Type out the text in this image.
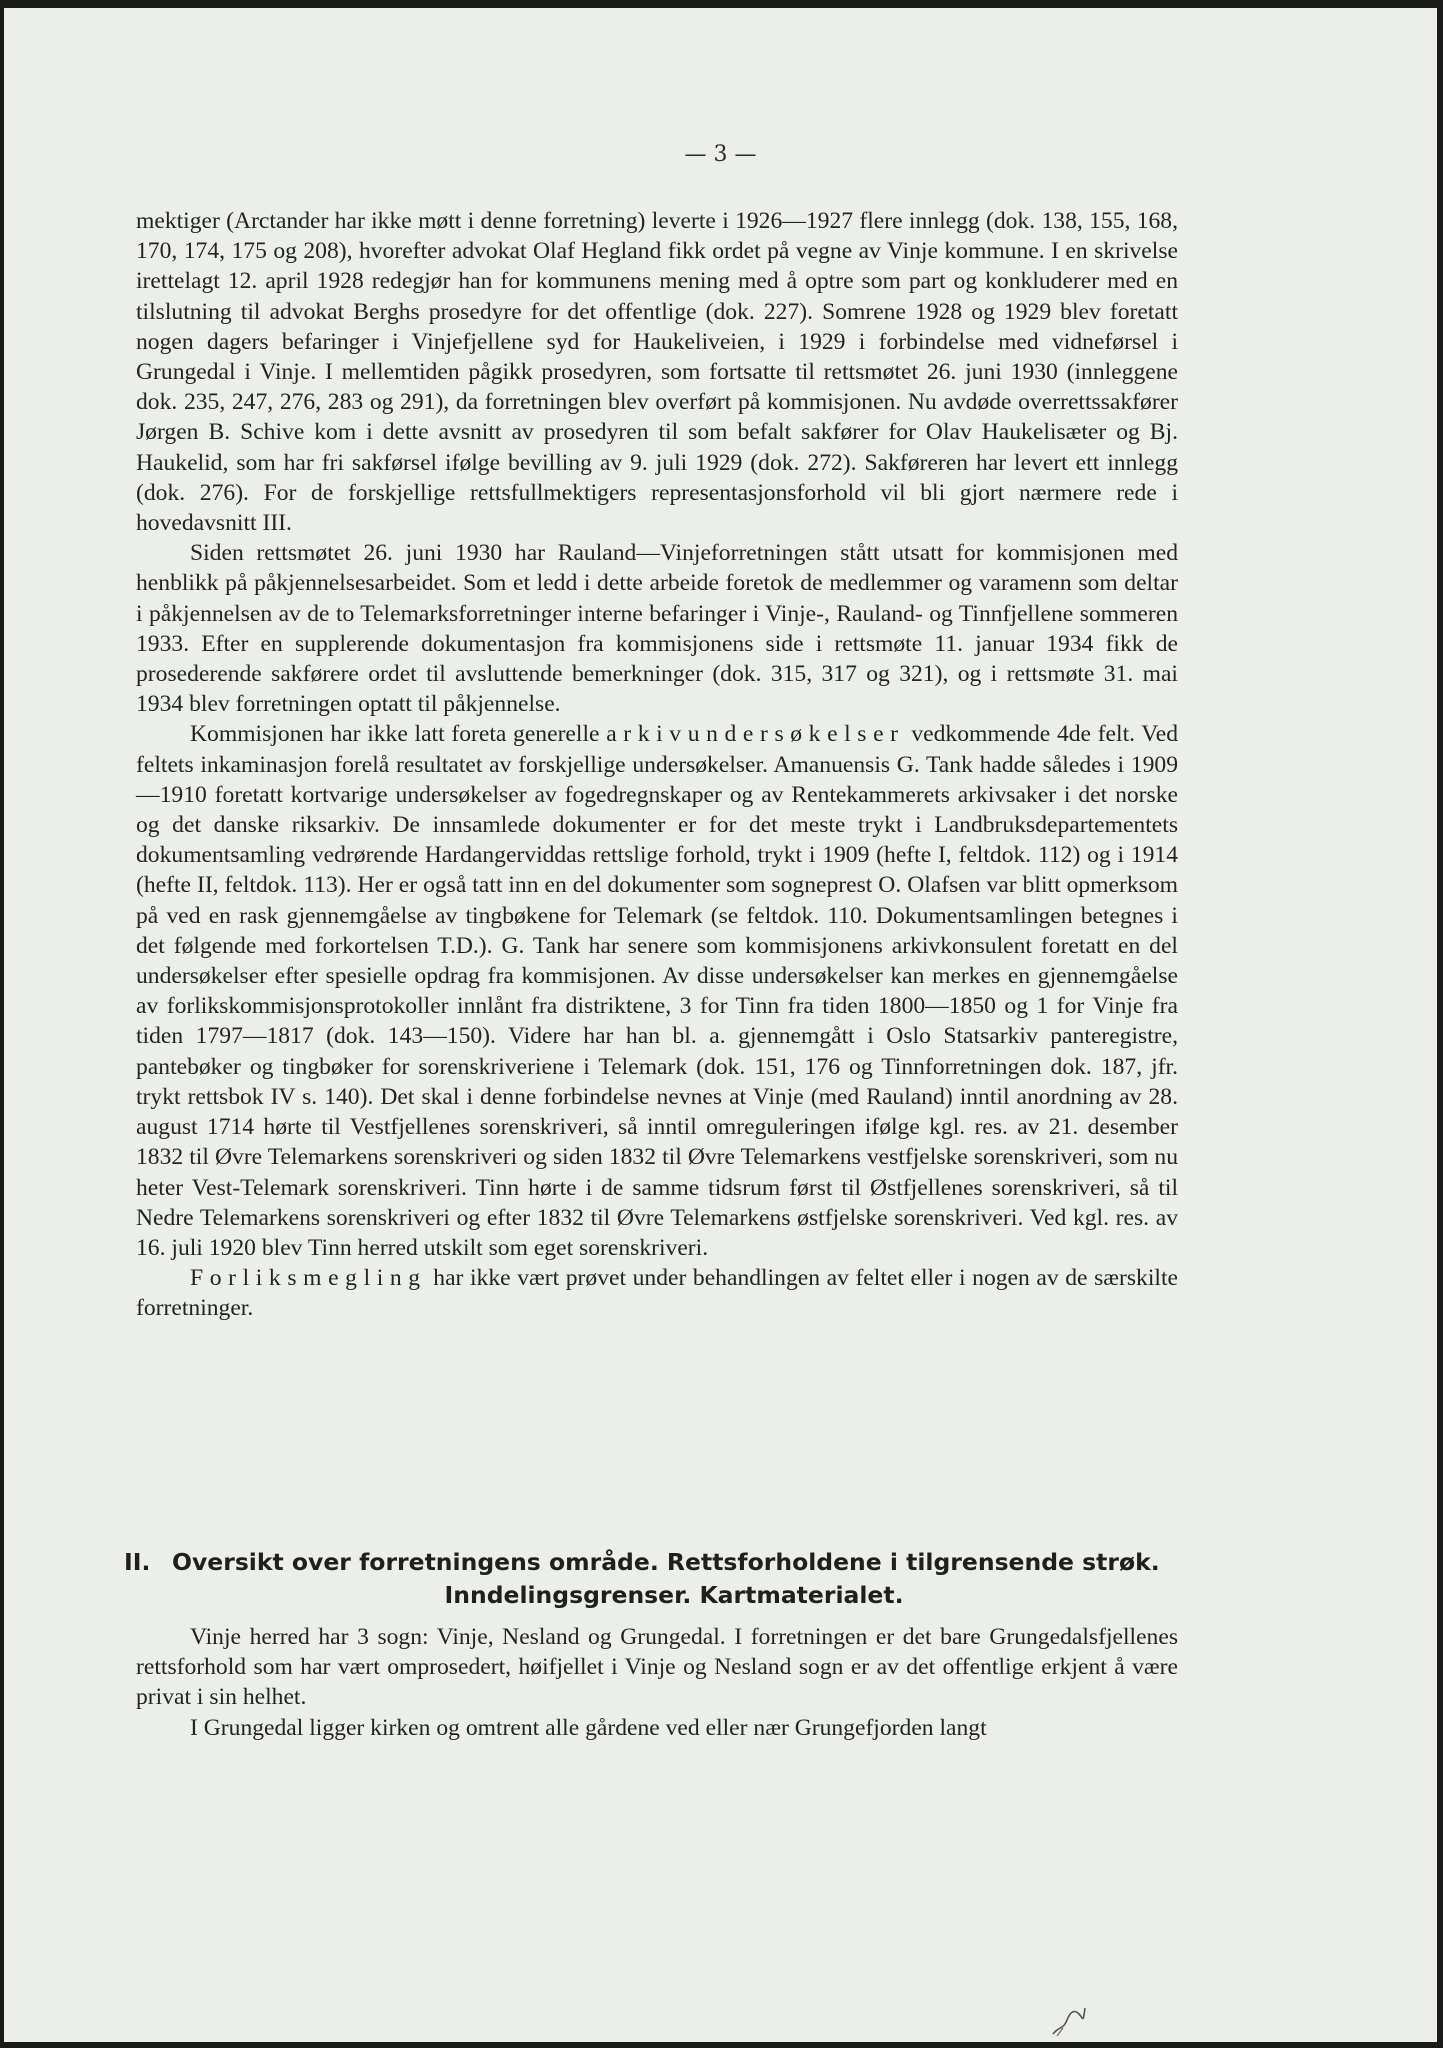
— 3 —

mektiger (Arctander har ikke møtt i denne forretning) leverte i 1926—1927 flere innlegg (dok. 138, 155, 168, 170, 174, 175 og 208), hvorefter advokat Olaf Hegland fikk ordet på vegne av Vinje kommune. I en skrivelse irettelagt 12. april 1928 redegjør han for kommunens mening med å optre som part og konkluderer med en tilslutning til advokat Berghs prosedyre for det offentlige (dok. 227). Somrene 1928 og 1929 blev foretatt nogen dagers befaringer i Vinjefjellene syd for Haukeliveien, i 1929 i forbindelse med vidneførsel i Grungedal i Vinje. I mellemtiden pågikk prosedyren, som fortsatte til rettsmøtet 26. juni 1930 (innleggene dok. 235, 247, 276, 283 og 291), da forretningen blev overført på kommisjonen. Nu avdøde overrettssakfører Jørgen B. Schive kom i dette avsnitt av prosedyren til som befalt sakfører for Olav Haukelisæter og Bj. Haukelid, som har fri sakførsel ifølge bevilling av 9. juli 1929 (dok. 272). Sakføreren har levert ett innlegg (dok. 276). For de forskjellige rettsfullmektigers representasjonsforhold vil bli gjort nærmere rede i hovedavsnitt III.

Siden rettsmøtet 26. juni 1930 har Rauland—Vinjeforretningen stått utsatt for kommisjonen med henblikk på påkjennelsesarbeidet. Som et ledd i dette arbeide foretok de medlemmer og varamenn som deltar i påkjennelsen av de to Telemarksforretninger interne befaringer i Vinje-, Rauland- og Tinnfjellene sommeren 1933. Efter en supplerende dokumentasjon fra kommisjonens side i rettsmøte 11. januar 1934 fikk de prosederende sakførere ordet til avsluttende bemerkninger (dok. 315, 317 og 321), og i rettsmøte 31. mai 1934 blev forretningen optatt til påkjennelse.

Kommisjonen har ikke latt foreta generelle arkivundersøkelser vedkommende 4de felt. Ved feltets inkaminasjon forelå resultatet av forskjellige undersøkelser. Amanuensis G. Tank hadde således i 1909—1910 foretatt kortvarige undersøkelser av fogedregnskaper og av Rentekammerets arkivsaker i det norske og det danske riksarkiv. De innsamlede dokumenter er for det meste trykt i Landbruksdepartementets dokumentsamling vedrørende Hardangerviddas rettslige forhold, trykt i 1909 (hefte I, feltdok. 112) og i 1914 (hefte II, feltdok. 113). Her er også tatt inn en del dokumenter som sogneprest O. Olafsen var blitt opmerksom på ved en rask gjennemgåelse av tingbøkene for Telemark (se feltdok. 110. Dokumentsamlingen betegnes i det følgende med forkortelsen T.D.). G. Tank har senere som kommisjonens arkivkonsulent foretatt en del undersøkelser efter spesielle opdrag fra kommisjonen. Av disse undersøkelser kan merkes en gjennemgåelse av forlikskommisjonsprotokoller innlånt fra distriktene, 3 for Tinn fra tiden 1800—1850 og 1 for Vinje fra tiden 1797—1817 (dok. 143—150). Videre har han bl. a. gjennemgått i Oslo Statsarkiv panteregistre, pantebøker og tingbøker for sorenskriveriene i Telemark (dok. 151, 176 og Tinnforretningen dok. 187, jfr. trykt rettsbok IV s. 140). Det skal i denne forbindelse nevnes at Vinje (med Rauland) inntil anordning av 28. august 1714 hørte til Vestfjellenes sorenskriveri, så inntil omreguleringen ifølge kgl. res. av 21. desember 1832 til Øvre Telemarkens sorenskriveri og siden 1832 til Øvre Telemarkens vestfjelske sorenskriveri, som nu heter Vest-Telemark sorenskriveri. Tinn hørte i de samme tidsrum først til Østfjellenes sorenskriveri, så til Nedre Telemarkens sorenskriveri og efter 1832 til Øvre Telemarkens østfjelske sorenskriveri. Ved kgl. res. av 16. juli 1920 blev Tinn herred utskilt som eget sorenskriveri.

Forliksmegling har ikke vært prøvet under behandlingen av feltet eller i nogen av de særskilte forretninger.

II. Oversikt over forretningens område. Rettsforholdene i tilgrensende strøk.
Inndelingsgrenser. Kartmaterialet.

Vinje herred har 3 sogn: Vinje, Nesland og Grungedal. I forretningen er det bare Grungedalsfjellenes rettsforhold som har vært omprosedert, høifjellet i Vinje og Nesland sogn er av det offentlige erkjent å være privat i sin helhet.

I Grungedal ligger kirken og omtrent alle gårdene ved eller nær Grungefjorden langt
